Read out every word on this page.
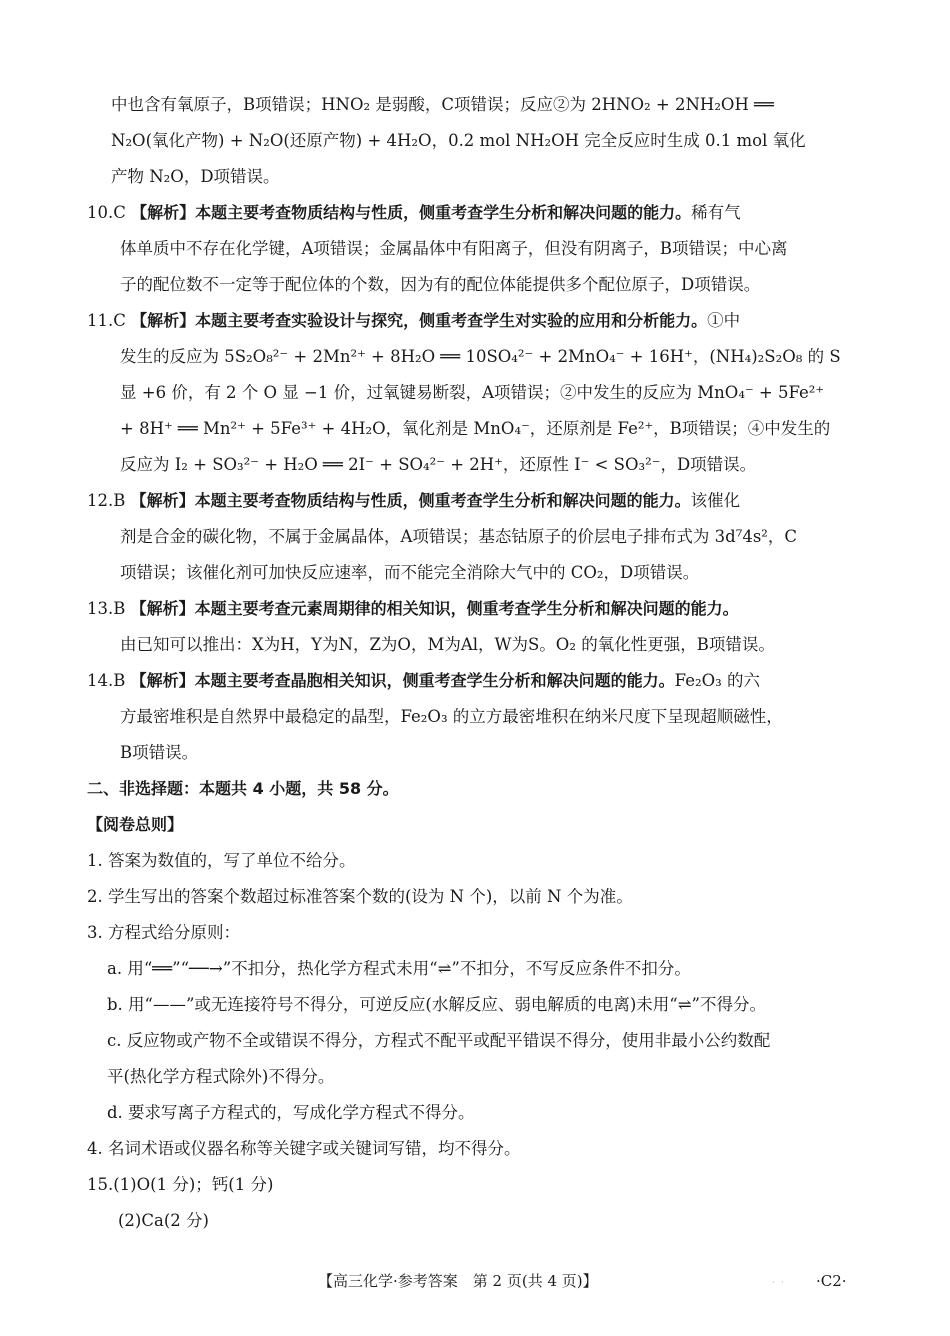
中也含有氧原子，B项错误；HNO₂ 是弱酸，C项错误；反应②为 2HNO₂ + 2NH₂OH ══
N₂O(氧化产物) + N₂O(还原产物) + 4H₂O，0.2 mol NH₂OH 完全反应时生成 0.1 mol 氧化
产物 N₂O，D项错误。
10.C 【解析】本题主要考查物质结构与性质，侧重考查学生分析和解决问题的能力。稀有气
体单质中不存在化学键，A项错误；金属晶体中有阳离子，但没有阴离子，B项错误；中心离
子的配位数不一定等于配位体的个数，因为有的配位体能提供多个配位原子，D项错误。
11.C 【解析】本题主要考查实验设计与探究，侧重考查学生对实验的应用和分析能力。①中
发生的反应为 5S₂O₈²⁻ + 2Mn²⁺ + 8H₂O ══ 10SO₄²⁻ + 2MnO₄⁻ + 16H⁺，(NH₄)₂S₂O₈ 的 S
显 +6 价，有 2 个 O 显 −1 价，过氧键易断裂，A项错误；②中发生的反应为 MnO₄⁻ + 5Fe²⁺
+ 8H⁺ ══ Mn²⁺ + 5Fe³⁺ + 4H₂O，氧化剂是 MnO₄⁻，还原剂是 Fe²⁺，B项错误；④中发生的
反应为 I₂ + SO₃²⁻ + H₂O ══ 2I⁻ + SO₄²⁻ + 2H⁺，还原性 I⁻ < SO₃²⁻，D项错误。
12.B 【解析】本题主要考查物质结构与性质，侧重考查学生分析和解决问题的能力。该催化
剂是合金的碳化物，不属于金属晶体，A项错误；基态钴原子的价层电子排布式为 3d⁷4s²，C
项错误；该催化剂可加快反应速率，而不能完全消除大气中的 CO₂，D项错误。
13.B 【解析】本题主要考查元素周期律的相关知识，侧重考查学生分析和解决问题的能力。
由已知可以推出：X为H，Y为N，Z为O，M为Al，W为S。O₂ 的氧化性更强，B项错误。
14.B 【解析】本题主要考查晶胞相关知识，侧重考查学生分析和解决问题的能力。Fe₂O₃ 的六
方最密堆积是自然界中最稳定的晶型，Fe₂O₃ 的立方最密堆积在纳米尺度下呈现超顺磁性，
B项错误。
二、非选择题：本题共 4 小题，共 58 分。
【阅卷总则】
1. 答案为数值的，写了单位不给分。
2. 学生写出的答案个数超过标准答案个数的(设为 N 个)，以前 N 个为准。
3. 方程式给分原则：
a. 用“══”“──→”不扣分，热化学方程式未用“⇌”不扣分，不写反应条件不扣分。
b. 用“——”或无连接符号不得分，可逆反应(水解反应、弱电解质的电离)未用“⇌”不得分。
c. 反应物或产物不全或错误不得分，方程式不配平或配平错误不得分，使用非最小公约数配
平(热化学方程式除外)不得分。
d. 要求写离子方程式的，写成化学方程式不得分。
4. 名词术语或仪器名称等关键字或关键词写错，均不得分。
15.(1)O(1 分)；钙(1 分)
(2)Ca(2 分)
【高三化学·参考答案　第 2 页(共 4 页)】	· · ·C2·
